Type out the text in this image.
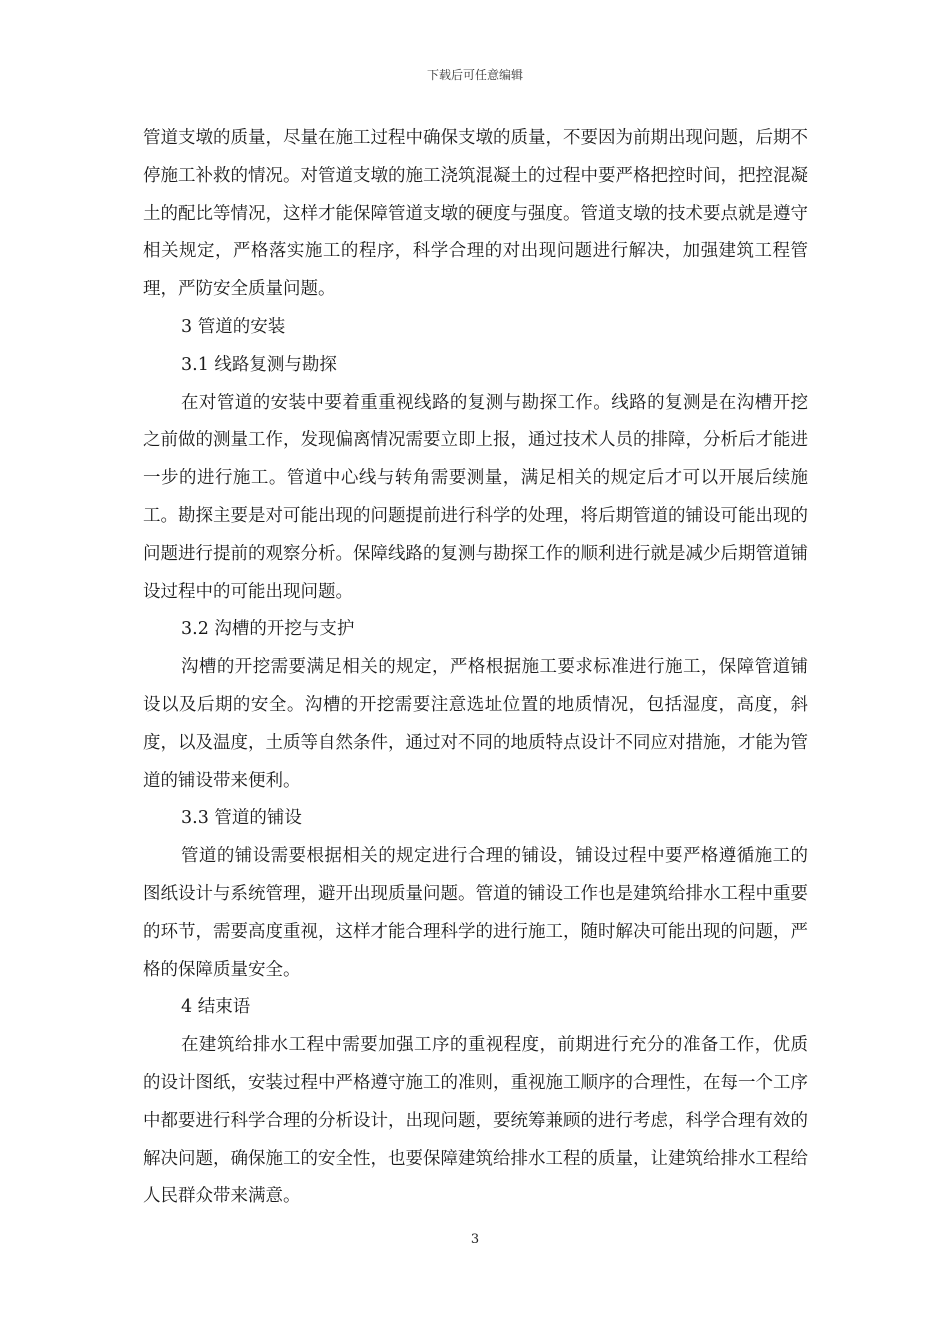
下载后可任意编辑

管道支墩的质量，尽量在施工过程中确保支墩的质量，不要因为前期出现问题，后期不停施工补救的情况。对管道支墩的施工浇筑混凝土的过程中要严格把控时间，把控混凝土的配比等情况，这样才能保障管道支墩的硬度与强度。管道支墩的技术要点就是遵守相关规定，严格落实施工的程序，科学合理的对出现问题进行解决，加强建筑工程管理，严防安全质量问题。

3 管道的安装

3.1 线路复测与勘探

在对管道的安装中要着重重视线路的复测与勘探工作。线路的复测是在沟槽开挖之前做的测量工作，发现偏离情况需要立即上报，通过技术人员的排障，分析后才能进一步的进行施工。管道中心线与转角需要测量，满足相关的规定后才可以开展后续施工。勘探主要是对可能出现的问题提前进行科学的处理，将后期管道的铺设可能出现的问题进行提前的观察分析。保障线路的复测与勘探工作的顺利进行就是减少后期管道铺设过程中的可能出现问题。

3.2 沟槽的开挖与支护

沟槽的开挖需要满足相关的规定，严格根据施工要求标准进行施工，保障管道铺设以及后期的安全。沟槽的开挖需要注意选址位置的地质情况，包括湿度，高度，斜度，以及温度，土质等自然条件，通过对不同的地质特点设计不同应对措施，才能为管道的铺设带来便利。

3.3 管道的铺设

管道的铺设需要根据相关的规定进行合理的铺设，铺设过程中要严格遵循施工的图纸设计与系统管理，避开出现质量问题。管道的铺设工作也是建筑给排水工程中重要的环节，需要高度重视，这样才能合理科学的进行施工，随时解决可能出现的问题，严格的保障质量安全。

4 结束语

在建筑给排水工程中需要加强工序的重视程度，前期进行充分的准备工作，优质的设计图纸，安装过程中严格遵守施工的准则，重视施工顺序的合理性，在每一个工序中都要进行科学合理的分析设计，出现问题，要统筹兼顾的进行考虑，科学合理有效的解决问题，确保施工的安全性，也要保障建筑给排水工程的质量，让建筑给排水工程给人民群众带来满意。

3
